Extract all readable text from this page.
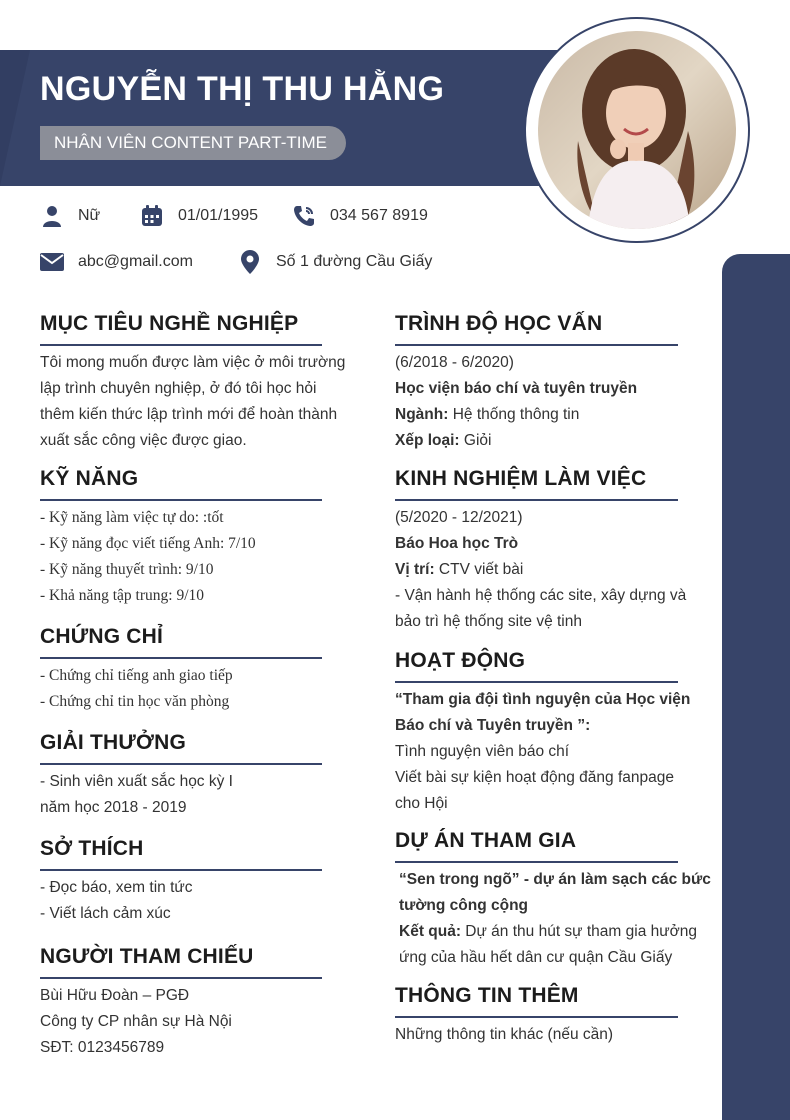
NGUYỄN THỊ THU HẰNG
NHÂN VIÊN CONTENT PART-TIME
Nữ	01/01/1995	034 567 8919
abc@gmail.com	Số 1 đường Cầu Giấy
MỤC TIÊU NGHỀ NGHIỆP
Tôi mong muốn được làm việc ở môi trường
lập trình chuyên nghiệp, ở đó tôi học hỏi
thêm kiến thức lập trình mới để hoàn thành
xuất sắc công việc được giao.
KỸ NĂNG
- Kỹ năng làm việc tự do: :tốt
- Kỹ năng đọc viết tiếng Anh: 7/10
- Kỹ năng thuyết trình: 9/10
- Khả năng tập trung: 9/10
CHỨNG CHỈ
- Chứng chỉ tiếng anh giao tiếp
- Chứng chỉ tin học văn phòng
GIẢI THƯỞNG
- Sinh viên xuất sắc học kỳ I
năm học 2018 - 2019
SỞ THÍCH
- Đọc báo, xem tin tức
- Viết lách cảm xúc
NGƯỜI THAM CHIẾU
Bùi Hữu Đoàn – PGĐ
Công ty CP nhân sự Hà Nội
SĐT: 0123456789
TRÌNH ĐỘ HỌC VẤN
(6/2018 - 6/2020)
Học viện báo chí và tuyên truyền
Ngành: Hệ thống thông tin
Xếp loại: Giỏi
KINH NGHIỆM LÀM VIỆC
(5/2020 - 12/2021)
Báo Hoa học Trò
Vị trí: CTV viết bài
- Vận hành hệ thống các site, xây dựng và
bảo trì hệ thống site vệ tinh
HOẠT ĐỘNG
“Tham gia đội tình nguyện của Học viện
Báo chí và Tuyên truyền ”:
Tình nguyện viên báo chí
Viết bài sự kiện hoạt động đăng fanpage
cho Hội
DỰ ÁN THAM GIA
“Sen trong ngõ” - dự án làm sạch các bức
tường công cộng
Kết quả: Dự án thu hút sự tham gia hưởng
ứng của hầu hết dân cư quận Cầu Giấy
THÔNG TIN THÊM
Những thông tin khác (nếu cần)
